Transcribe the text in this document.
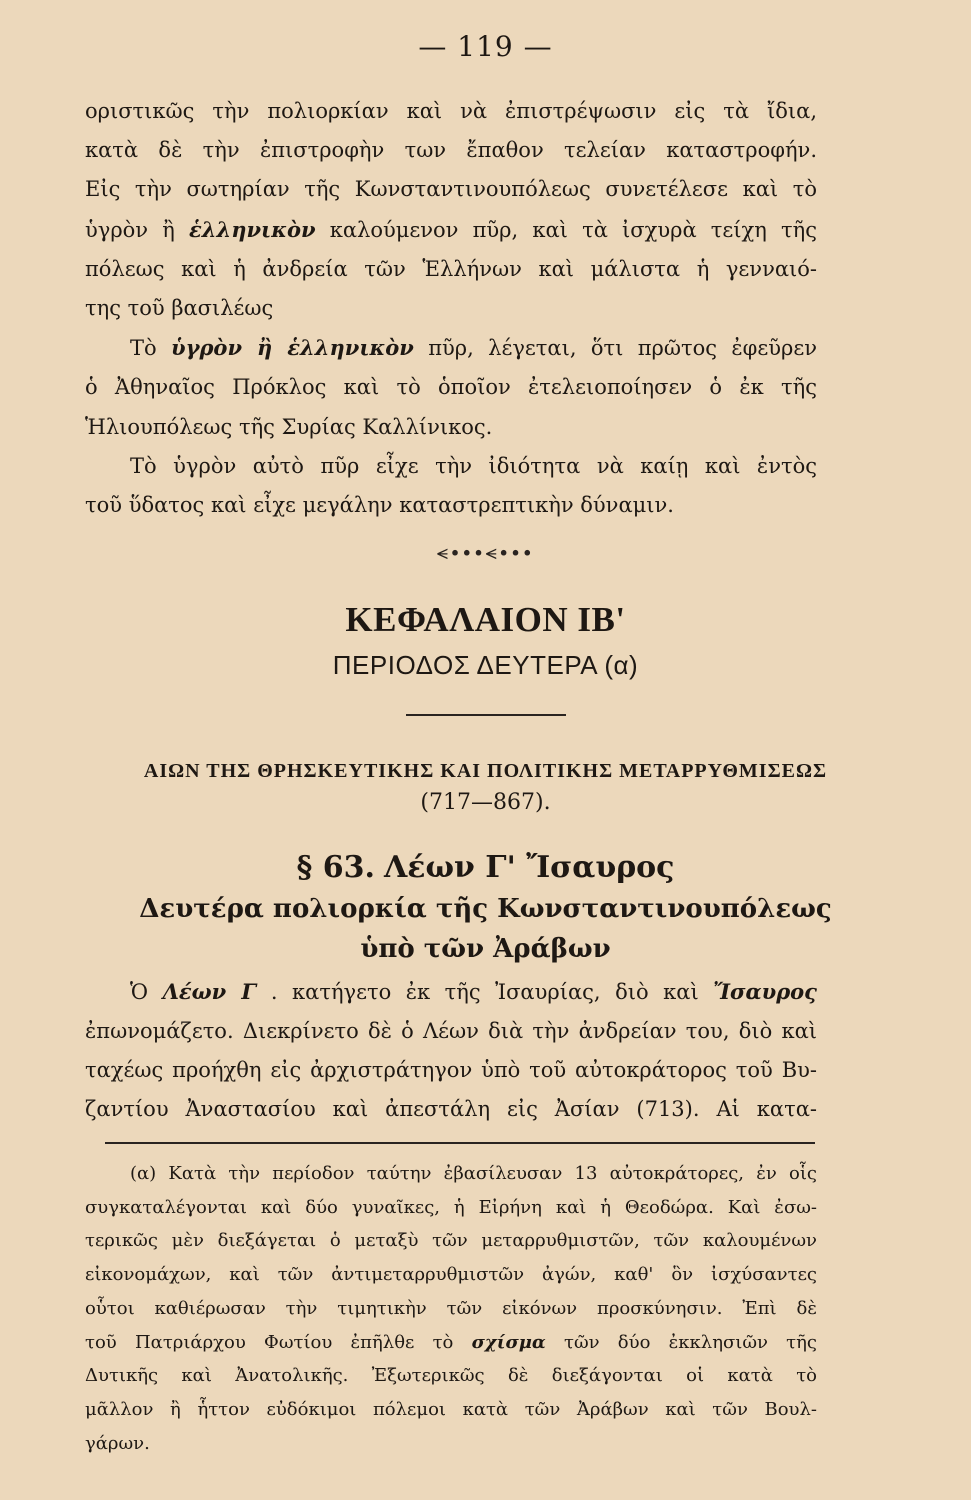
— 119 —
οριστικῶς τὴν πολιορκίαν καὶ νὰ ἐπιστρέψωσιν εἰς τὰ ἴδια,
κατὰ δὲ τὴν ἐπιστροφὴν των ἔπαθον τελείαν καταστροφήν.
Εἰς τὴν σωτηρίαν τῆς Κωνσταντινουπόλεως συνετέλεσε καὶ τὸ
ὑγρὸν ἢ ἑλληνικὸν καλούμενον πῦρ, καὶ τὰ ἰσχυρὰ τείχη τῆς
πόλεως καὶ ἡ ἀνδρεία τῶν Ἑλλήνων καὶ μάλιστα ἡ γενναιό-
της τοῦ βασιλέως
Τὸ ὑγρὸν ἢ ἑλληνικὸν πῦρ, λέγεται, ὅτι πρῶτος ἐφεῦρεν
ὁ Ἀθηναῖος Πρόκλος καὶ τὸ ὁποῖον ἐτελειοποίησεν ὁ ἐκ τῆς
Ἡλιουπόλεως τῆς Συρίας Καλλίνικος.
Τὸ ὑγρὸν αὐτὸ πῦρ εἶχε τὴν ἰδιότητα νὰ καίῃ καὶ ἐντὸς
τοῦ ὕδατος καὶ εἶχε μεγάλην καταστρεπτικὴν δύναμιν.
⪪∙∙∙⪪∙∙∙
ΚΕΦΑΛΑΙΟΝ ΙΒ'
ΠΕΡΙΟΔΟΣ ΔΕΥΤΕΡΑ (α)
ΑΙΩΝ ΤΗΣ ΘΡΗΣΚΕΥΤΙΚΗΣ ΚΑΙ ΠΟΛΙΤΙΚΗΣ ΜΕΤΑΡΡΥΘΜΙΣΕΩΣ
(717—867).
§ 63. Λέων Γ' Ἴσαυρος
Δευτέρα πολιορκία τῆς Κωνσταντινουπόλεως
ὑπὸ τῶν Ἀράβων
Ὁ Λέων Γ . κατήγετο ἐκ τῆς Ἰσαυρίας, διὸ καὶ Ἴσαυρος
ἐπωνομάζετο. Διεκρίνετο δὲ ὁ Λέων διὰ τὴν ἀνδρείαν του, διὸ καὶ
ταχέως προήχθη εἰς ἀρχιστράτηγον ὑπὸ τοῦ αὐτοκράτορος τοῦ Βυ-
ζαντίου Ἀναστασίου καὶ ἀπεστάλη εἰς Ἀσίαν (713). Αἱ κατα-
(α) Κατὰ τὴν περίοδον ταύτην ἐβασίλευσαν 13 αὐτοκράτορες, ἐν οἷς
συγκαταλέγονται καὶ δύο γυναῖκες, ἡ Εἰρήνη καὶ ἡ Θεοδώρα. Καὶ ἐσω-
τερικῶς μὲν διεξάγεται ὁ μεταξὺ τῶν μεταρρυθμιστῶν, τῶν καλουμένων
εἰκονομάχων, καὶ τῶν ἀντιμεταρρυθμιστῶν ἀγών, καθ' ὃν ἰσχύσαντες
οὗτοι καθιέρωσαν τὴν τιμητικὴν τῶν εἰκόνων προσκύνησιν. Ἐπὶ δὲ
τοῦ Πατριάρχου Φωτίου ἐπῆλθε τὸ σχίσμα τῶν δύο ἐκκλησιῶν τῆς
Δυτικῆς καὶ Ἀνατολικῆς. Ἐξωτερικῶς δὲ διεξάγονται οἱ κατὰ τὸ
μᾶλλον ἢ ἧττον εὐδόκιμοι πόλεμοι κατὰ τῶν Ἀράβων καὶ τῶν Βουλ-
γάρων.
